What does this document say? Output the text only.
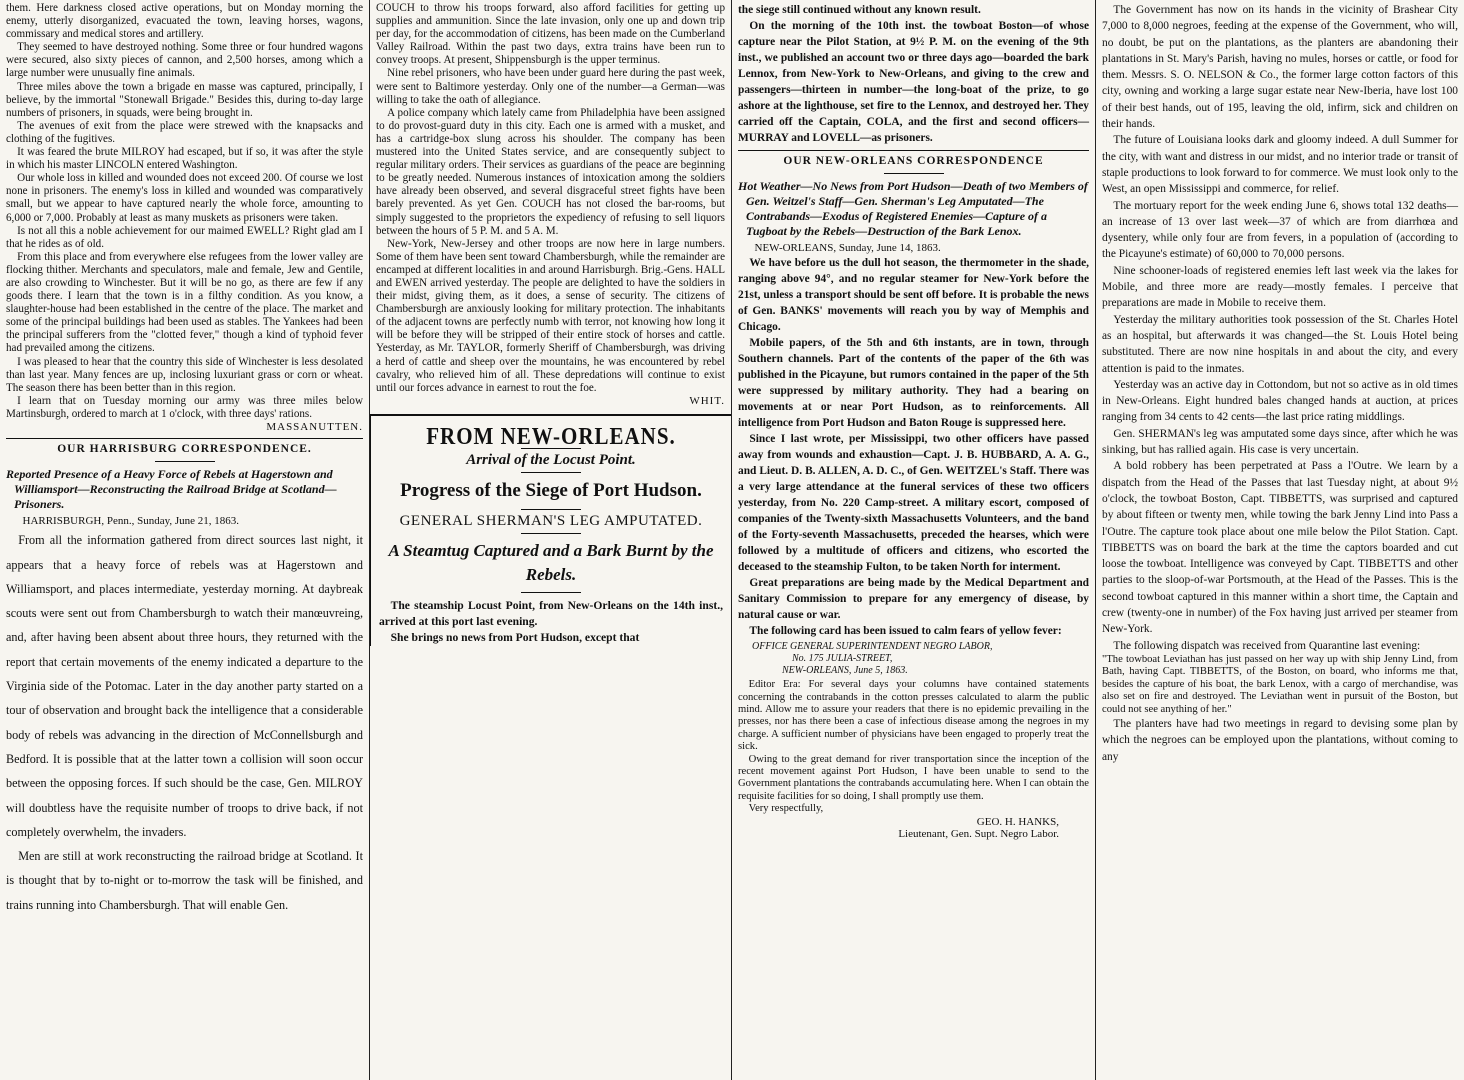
them. Here darkness closed active operations, but on Monday morning the enemy, utterly disorganized, evacuated the town, leaving horses, wagons, commissary and medical stores and artillery.

They seemed to have destroyed nothing. Some three or four hundred wagons were secured, also sixty pieces of cannon, and 2,500 horses, among which a large number were unusually fine animals.

Three miles above the town a brigade en masse was captured, principally, I believe, by the immortal "Stonewall Brigade." Besides this, during to-day large numbers of prisoners, in squads, were being brought in.

The avenues of exit from the place were strewed with the knapsacks and clothing of the fugitives.

It was feared the brute MILROY had escaped, but if so, it was after the style in which his master LINCOLN entered Washington.

Our whole loss in killed and wounded does not exceed 200. Of course we lost none in prisoners. The enemy's loss in killed and wounded was comparatively small, but we appear to have captured nearly the whole force, amounting to 6,000 or 7,000. Probably at least as many muskets as prisoners were taken.

Is not all this a noble achievement for our maimed EWELL? Right glad am I that he rides as of old.

From this place and from everywhere else refugees from the lower valley are flocking thither. Merchants and speculators, male and female, Jew and Gentile, are also crowding to Winchester. But it will be no go, as there are few if any goods there. I learn that the town is in a filthy condition. As you know, a slaughter-house had been established in the centre of the place. The market and some of the principal buildings had been used as stables. The Yankees had been the principal sufferers from the "clotted fever," though a kind of typhoid fever had prevailed among the citizens.

I was pleased to hear that the country this side of Winchester is less desolated than last year. Many fences are up, inclosing luxuriant grass or corn or wheat. The season there has been better than in this region.

I learn that on Tuesday morning our army was three miles below Martinsburgh, ordered to march at 1 o'clock, with three days' rations.

MASSANUTTEN.
OUR HARRISBURG CORRESPONDENCE.
Reported Presence of a Heavy Force of Rebels at Hagerstown and Williamsport—Reconstructing the Railroad Bridge at Scotland—Prisoners.
HARRISBURGH, Penn., Sunday, June 21, 1863.

From all the information gathered from direct sources last night, it appears that a heavy force of rebels was at Hagerstown and Williamsport, and places intermediate, yesterday morning. At daybreak scouts were sent out from Chambersburgh to watch their manœuvreing, and, after having been absent about three hours, they returned with the report that certain movements of the enemy indicated a departure to the Virginia side of the Potomac. Later in the day another party started on a tour of observation and brought back the intelligence that a considerable body of rebels was advancing in the direction of McConnellsburgh and Bedford. It is possible that at the latter town a collision will soon occur between the opposing forces. If such should be the case, Gen. MILROY will doubtless have the requisite number of troops to drive back, if not completely overwhelm, the invaders.

Men are still at work reconstructing the railroad bridge at Scotland. It is thought that by to-night or to-morrow the task will be finished, and trains running into Chambersburgh. That will enable Gen.

COUCH to throw his troops forward, also afford facilities for getting up supplies and ammunition. Since the late invasion, only one up and down trip per day, for the accommodation of citizens, has been made on the Cumberland Valley Railroad. Within the past two days, extra trains have been run to convey troops. At present, Shippensburgh is the upper terminus.

Nine rebel prisoners, who have been under guard here during the past week, were sent to Baltimore yesterday. Only one of the number—a German—was willing to take the oath of allegiance.

A police company which lately came from Philadelphia have been assigned to do provost-guard duty in this city. Each one is armed with a musket, and has a cartridge-box slung across his shoulder. The company has been mustered into the United States service, and are consequently subject to regular military orders. Their services as guardians of the peace are beginning to be greatly needed. Numerous instances of intoxication among the soldiers have already been observed, and several disgraceful street fights have been barely prevented. As yet Gen. COUCH has not closed the bar-rooms, but simply suggested to the proprietors the expediency of refusing to sell liquors between the hours of 5 P. M. and 5 A. M.

New-York, New-Jersey and other troops are now here in large numbers. Some of them have been sent toward Chambersburgh, while the remainder are encamped at different localities in and around Harrisburgh. Brig.-Gens. HALL and EWEN arrived yesterday. The people are delighted to have the soldiers in their midst, giving them, as it does, a sense of security. The citizens of Chambersburgh are anxiously looking for military protection. The inhabitants of the adjacent towns are perfectly numb with terror, not knowing how long it will be before they will be stripped of their entire stock of horses and cattle. Yesterday, as Mr. TAYLOR, formerly Sheriff of Chambersburgh, was driving a herd of cattle and sheep over the mountains, he was encountered by rebel cavalry, who relieved him of all. These depredations will continue to exist until our forces advance in earnest to rout the foe.

WHIT.
FROM NEW-ORLEANS.
Arrival of the Locust Point.
Progress of the Siege of Port Hudson.
GENERAL SHERMAN'S LEG AMPUTATED.
A Steamtug Captured and a Bark Burnt by the Rebels.

The steamship Locust Point, from New-Orleans on the 14th inst., arrived at this port last evening.

She brings no news from Port Hudson, except that

the siege still continued without any known result.

On the morning of the 10th inst. the towboat Boston—of whose capture near the Pilot Station, at 9½ P. M. on the evening of the 9th inst., we published an account two or three days ago—boarded the bark Lennox, from New-York to New-Orleans, and giving to the crew and passengers—thirteen in number—the long-boat of the prize, to go ashore at the lighthouse, set fire to the Lennox, and destroyed her. They carried off the Captain, COLA, and the first and second officers—MURRAY and LOVELL—as prisoners.

OUR NEW-ORLEANS CORRESPONDENCE
Hot Weather—No News from Port Hudson—Death of two Members of Gen. Weitzel's Staff—Gen. Sherman's Leg Amputated—The Contrabands—Exodus of Registered Enemies—Capture of a Tugboat by the Rebels—Destruction of the Bark Lenox.
NEW-ORLEANS, Sunday, June 14, 1863.

We have before us the dull hot season, the thermometer in the shade, ranging above 94°, and no regular steamer for New-York before the 21st, unless a transport should be sent off before. It is probable the news of Gen. BANKS' movements will reach you by way of Memphis and Chicago.

Mobile papers, of the 5th and 6th instants, are in town, through Southern channels. Part of the contents of the paper of the 6th was published in the Picayune, but rumors contained in the paper of the 5th were suppressed by military authority. They had a bearing on movements at or near Port Hudson, as to reinforcements. All intelligence from Port Hudson and Baton Rouge is suppressed here.

Since I last wrote, per Mississippi, two other officers have passed away from wounds and exhaustion—Capt. J. B. HUBBARD, A. A. G., and Lieut. D. B. ALLEN, A. D. C., of Gen. WEITZEL's Staff. There was a very large attendance at the funeral services of these two officers yesterday, from No. 220 Camp-street. A military escort, composed of companies of the Twenty-sixth Massachusetts Volunteers, and the band of the Forty-seventh Massachusetts, preceded the hearses, which were followed by a multitude of officers and citizens, who escorted the deceased to the steamship Fulton, to be taken North for interment.

Great preparations are being made by the Medical Department and Sanitary Commission to prepare for any emergency of disease, by natural cause or war.

The following card has been issued to calm fears of yellow fever:

OFFICE GENERAL SUPERINTENDENT NEGRO LABOR,
No. 175 JULIA-STREET,
NEW-ORLEANS, June 5, 1863.

Editor Era: For several days your columns have contained statements concerning the contrabands in the cotton presses calculated to alarm the public mind. Allow me to assure your readers that there is no epidemic prevailing in the presses, nor has there been a case of infectious disease among the negroes in my charge. A sufficient number of physicians have been engaged to properly treat the sick.

Owing to the great demand for river transportation since the inception of the recent movement against Port Hudson, I have been unable to send to the Government plantations the contrabands accumulating here. When I can obtain the requisite facilities for so doing, I shall promptly use them.

Very respectfully,

GEO. H. HANKS,
Lieutenant, Gen. Supt. Negro Labor.

The Government has now on its hands in the vicinity of Brashear City 7,000 to 8,000 negroes, feeding at the expense of the Government, who will, no doubt, be put on the plantations, as the planters are abandoning their plantations in St. Mary's Parish, having no mules, horses or cattle, or food for them. Messrs. S. O. NELSON & Co., the former large cotton factors of this city, owning and working a large sugar estate near New-Iberia, have lost 100 of their best hands, out of 195, leaving the old, infirm, sick and children on their hands.

The future of Louisiana looks dark and gloomy indeed. A dull Summer for the city, with want and distress in our midst, and no interior trade or transit of staple productions to look forward to for commerce. We must look only to the West, an open Mississippi and commerce, for relief.

The mortuary report for the week ending June 6, shows total 132 deaths—an increase of 13 over last week—37 of which are from diarrhœa and dysentery, while only four are from fevers, in a population of (according to the Picayune's estimate) of 60,000 to 70,000 persons.

Nine schooner-loads of registered enemies left last week via the lakes for Mobile, and three more are ready—mostly females. I perceive that preparations are made in Mobile to receive them.

Yesterday the military authorities took possession of the St. Charles Hotel as an hospital, but afterwards it was changed—the St. Louis Hotel being substituted. There are now nine hospitals in and about the city, and every attention is paid to the inmates.

Yesterday was an active day in Cottondom, but not so active as in old times in New-Orleans. Eight hundred bales changed hands at auction, at prices ranging from 34 cents to 42 cents—the last price rating middlings.

Gen. SHERMAN's leg was amputated some days since, after which he was sinking, but has rallied again. His case is very uncertain.

A bold robbery has been perpetrated at Pass a l'Outre. We learn by a dispatch from the Head of the Passes that last Tuesday night, at about 9½ o'clock, the towboat Boston, Capt. TIBBETTS, was surprised and captured by about fifteen or twenty men, while towing the bark Jenny Lind into Pass a l'Outre. The capture took place about one mile below the Pilot Station. Capt. TIBBETTS was on board the bark at the time the captors boarded and cut loose the towboat. Intelligence was conveyed by Capt. TIBBETTS and other parties to the sloop-of-war Portsmouth, at the Head of the Passes. This is the second towboat captured in this manner within a short time, the Captain and crew (twenty-one in number) of the Fox having just arrived per steamer from New-York.

The following dispatch was received from Quarantine last evening:

"The towboat Leviathan has just passed on her way up with ship Jenny Lind, from Bath, having Capt. TIBBETTS, of the Boston, on board, who informs me that, besides the capture of his boat, the bark Lenox, with a cargo of merchandise, was also set on fire and destroyed. The Leviathan went in pursuit of the Boston, but could not see anything of her."

The planters have had two meetings in regard to devising some plan by which the negroes can be employed upon the plantations, without coming to any
